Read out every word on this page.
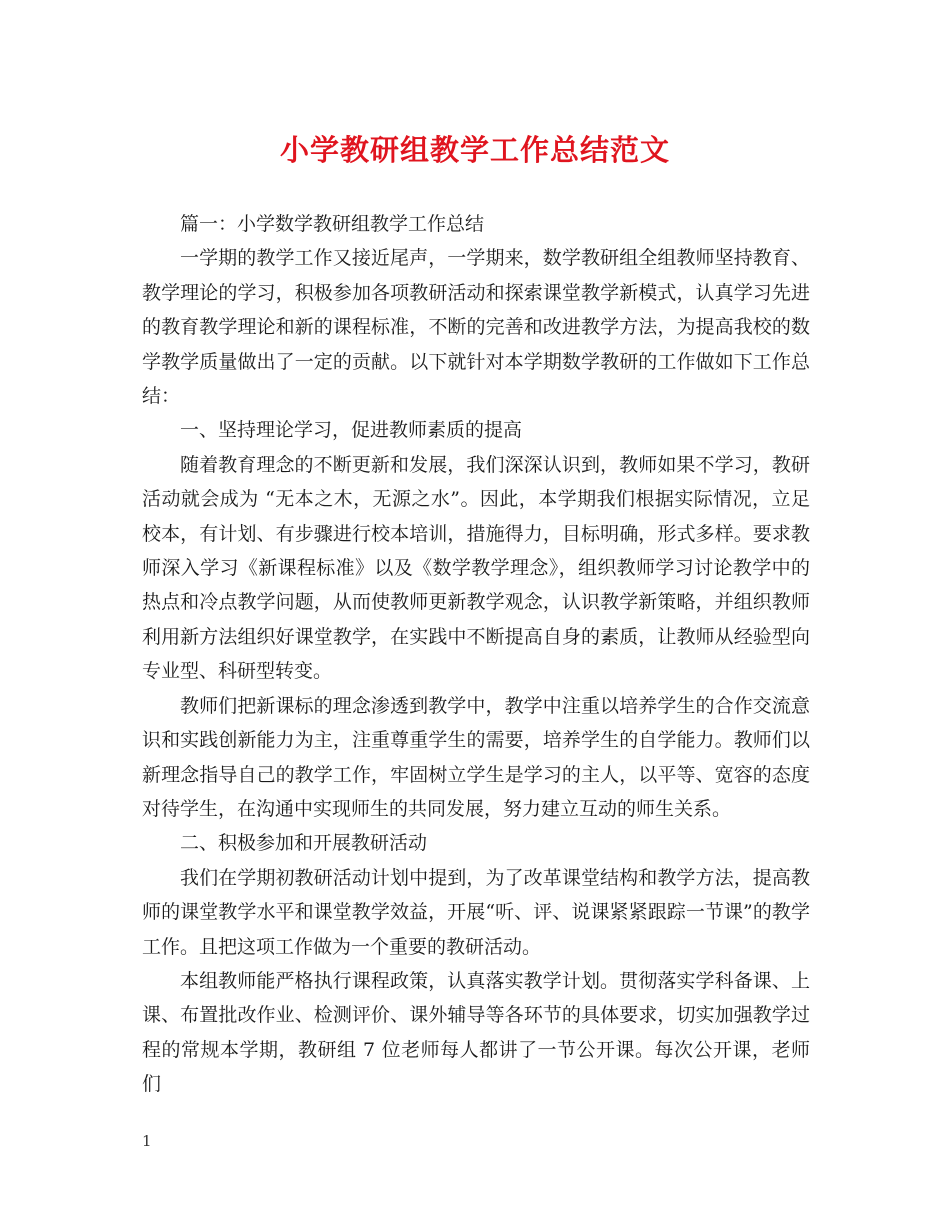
小学教研组教学工作总结范文

篇一：小学数学教研组教学工作总结

一学期的教学工作又接近尾声，一学期来，数学教研组全组教师坚持教育、教学理论的学习，积极参加各项教研活动和探索课堂教学新模式，认真学习先进的教育教学理论和新的课程标准，不断的完善和改进教学方法，为提高我校的数学教学质量做出了一定的贡献。以下就针对本学期数学教研的工作做如下工作总结：

一、坚持理论学习，促进教师素质的提高

随着教育理念的不断更新和发展，我们深深认识到，教师如果不学习，教研活动就会成为 “无本之木，无源之水”。因此，本学期我们根据实际情况，立足校本，有计划、有步骤进行校本培训，措施得力，目标明确，形式多样。要求教师深入学习《新课程标准》以及《数学教学理念》，组织教师学习讨论教学中的热点和冷点教学问题，从而使教师更新教学观念，认识教学新策略，并组织教师利用新方法组织好课堂教学，在实践中不断提高自身的素质，让教师从经验型向专业型、科研型转变。

教师们把新课标的理念渗透到教学中，教学中注重以培养学生的合作交流意识和实践创新能力为主，注重尊重学生的需要，培养学生的自学能力。教师们以新理念指导自己的教学工作，牢固树立学生是学习的主人，以平等、宽容的态度对待学生，在沟通中实现师生的共同发展，努力建立互动的师生关系。

二、积极参加和开展教研活动

我们在学期初教研活动计划中提到，为了改革课堂结构和教学方法，提高教师的课堂教学水平和课堂教学效益，开展“听、评、说课紧紧跟踪一节课”的教学工作。且把这项工作做为一个重要的教研活动。

本组教师能严格执行课程政策，认真落实教学计划。贯彻落实学科备课、上课、布置批改作业、检测评价、课外辅导等各环节的具体要求，切实加强教学过程的常规本学期，教研组 7 位老师每人都讲了一节公开课。每次公开课，老师们

1
